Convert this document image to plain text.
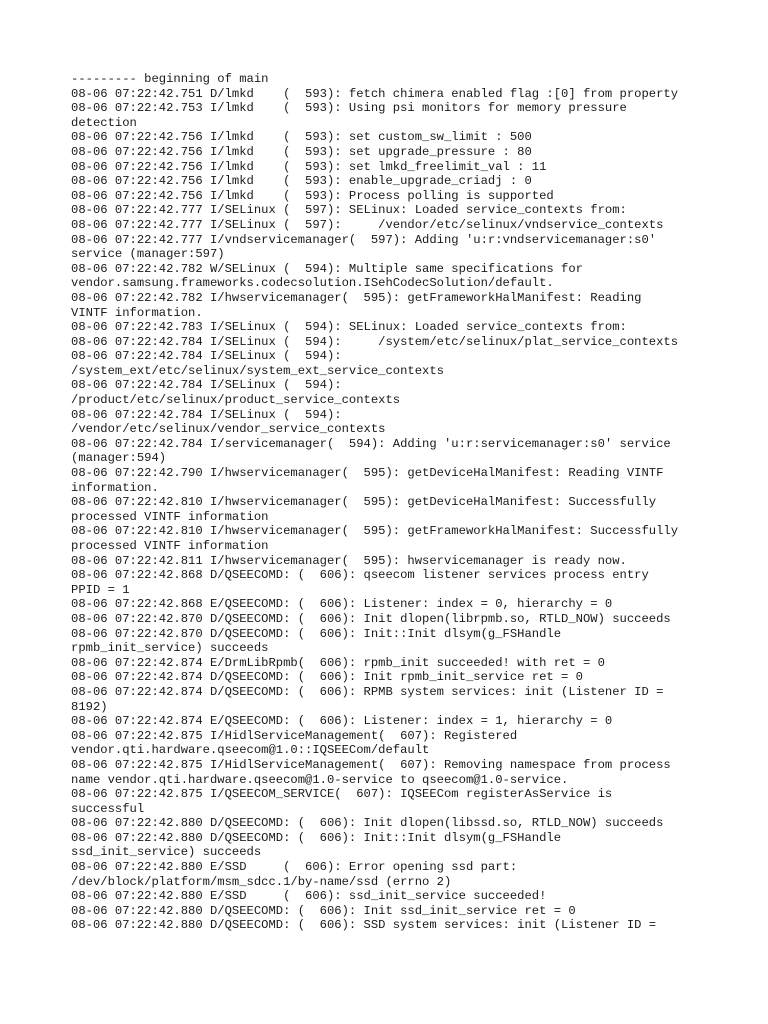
--------- beginning of main
08-06 07:22:42.751 D/lmkd    (  593): fetch chimera enabled flag :[0] from property
08-06 07:22:42.753 I/lmkd    (  593): Using psi monitors for memory pressure
detection
08-06 07:22:42.756 I/lmkd    (  593): set custom_sw_limit : 500
08-06 07:22:42.756 I/lmkd    (  593): set upgrade_pressure : 80
08-06 07:22:42.756 I/lmkd    (  593): set lmkd_freelimit_val : 11
08-06 07:22:42.756 I/lmkd    (  593): enable_upgrade_criadj : 0
08-06 07:22:42.756 I/lmkd    (  593): Process polling is supported
08-06 07:22:42.777 I/SELinux (  597): SELinux: Loaded service_contexts from:
08-06 07:22:42.777 I/SELinux (  597):     /vendor/etc/selinux/vndservice_contexts
08-06 07:22:42.777 I/vndservicemanager(  597): Adding 'u:r:vndservicemanager:s0'
service (manager:597)
08-06 07:22:42.782 W/SELinux (  594): Multiple same specifications for
vendor.samsung.frameworks.codecsolution.ISehCodecSolution/default.
08-06 07:22:42.782 I/hwservicemanager(  595): getFrameworkHalManifest: Reading
VINTF information.
08-06 07:22:42.783 I/SELinux (  594): SELinux: Loaded service_contexts from:
08-06 07:22:42.784 I/SELinux (  594):     /system/etc/selinux/plat_service_contexts
08-06 07:22:42.784 I/SELinux (  594):
/system_ext/etc/selinux/system_ext_service_contexts
08-06 07:22:42.784 I/SELinux (  594):
/product/etc/selinux/product_service_contexts
08-06 07:22:42.784 I/SELinux (  594):
/vendor/etc/selinux/vendor_service_contexts
08-06 07:22:42.784 I/servicemanager(  594): Adding 'u:r:servicemanager:s0' service
(manager:594)
08-06 07:22:42.790 I/hwservicemanager(  595): getDeviceHalManifest: Reading VINTF
information.
08-06 07:22:42.810 I/hwservicemanager(  595): getDeviceHalManifest: Successfully
processed VINTF information
08-06 07:22:42.810 I/hwservicemanager(  595): getFrameworkHalManifest: Successfully
processed VINTF information
08-06 07:22:42.811 I/hwservicemanager(  595): hwservicemanager is ready now.
08-06 07:22:42.868 D/QSEECOMD: (  606): qseecom listener services process entry
PPID = 1
08-06 07:22:42.868 E/QSEECOMD: (  606): Listener: index = 0, hierarchy = 0
08-06 07:22:42.870 D/QSEECOMD: (  606): Init dlopen(librpmb.so, RTLD_NOW) succeeds
08-06 07:22:42.870 D/QSEECOMD: (  606): Init::Init dlsym(g_FSHandle
rpmb_init_service) succeeds
08-06 07:22:42.874 E/DrmLibRpmb(  606): rpmb_init succeeded! with ret = 0
08-06 07:22:42.874 D/QSEECOMD: (  606): Init rpmb_init_service ret = 0
08-06 07:22:42.874 D/QSEECOMD: (  606): RPMB system services: init (Listener ID =
8192)
08-06 07:22:42.874 E/QSEECOMD: (  606): Listener: index = 1, hierarchy = 0
08-06 07:22:42.875 I/HidlServiceManagement(  607): Registered
vendor.qti.hardware.qseecom@1.0::IQSEECom/default
08-06 07:22:42.875 I/HidlServiceManagement(  607): Removing namespace from process
name vendor.qti.hardware.qseecom@1.0-service to qseecom@1.0-service.
08-06 07:22:42.875 I/QSEECOM_SERVICE(  607): IQSEECom registerAsService is
successful
08-06 07:22:42.880 D/QSEECOMD: (  606): Init dlopen(libssd.so, RTLD_NOW) succeeds
08-06 07:22:42.880 D/QSEECOMD: (  606): Init::Init dlsym(g_FSHandle
ssd_init_service) succeeds
08-06 07:22:42.880 E/SSD     (  606): Error opening ssd part:
/dev/block/platform/msm_sdcc.1/by-name/ssd (errno 2)
08-06 07:22:42.880 E/SSD     (  606): ssd_init_service succeeded!
08-06 07:22:42.880 D/QSEECOMD: (  606): Init ssd_init_service ret = 0
08-06 07:22:42.880 D/QSEECOMD: (  606): SSD system services: init (Listener ID =
